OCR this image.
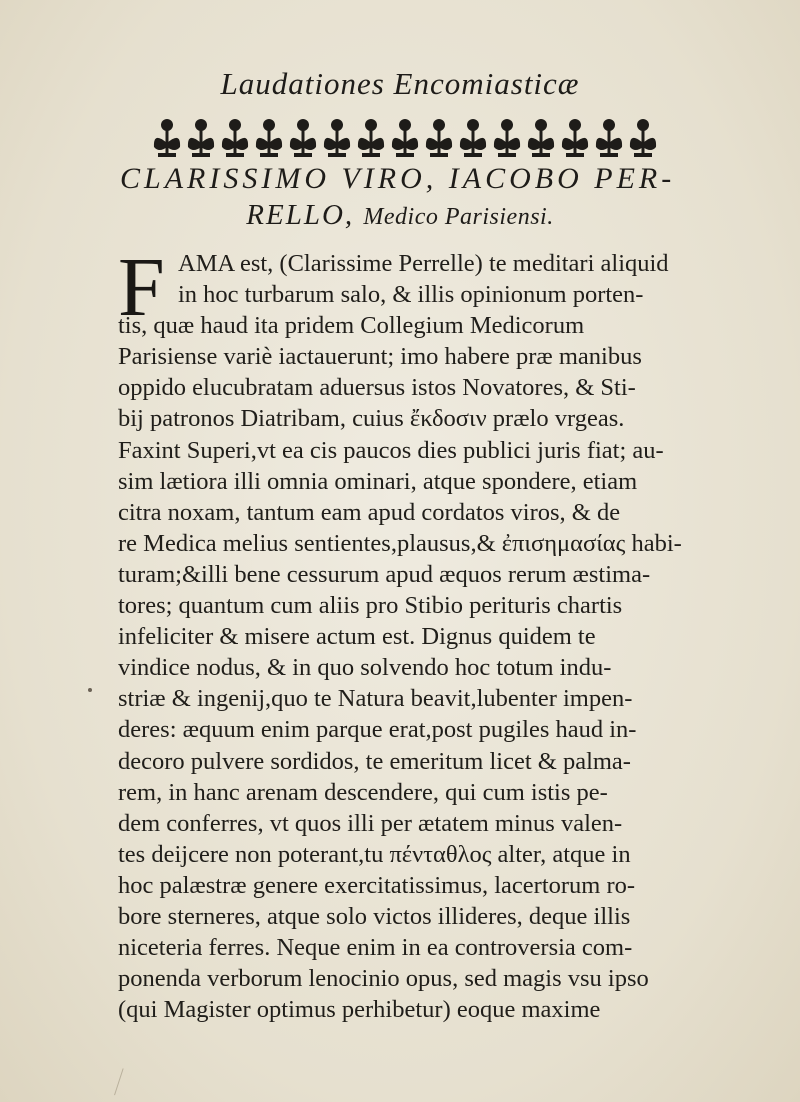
Laudationes Encomiasticæ
CLARISSIMO VIRO, IACOBO PER-
RELLO, Medico Parisiensi.
F AMA est, (Clarissime Perrelle) te meditari aliquid
in hoc turbarum salo, & illis opinionum porten-
tis, quæ haud ita pridem Collegium Medicorum
Parisiense variè iactauerunt; imo habere præ manibus
oppido elucubratam aduersus istos Novatores, & Sti-
bij patronos Diatribam, cuius ἔκδοσιν prælo vrgeas.
Faxint Superi,vt ea cis paucos dies publici juris fiat; au-
sim lætiora illi omnia ominari, atque spondere, etiam
citra noxam, tantum eam apud cordatos viros, & de
re Medica melius sentientes,plausus,& ἐπισημασίας habi-
turam;&illi bene cessurum apud æquos rerum æstima-
tores; quantum cum aliis pro Stibio perituris chartis
infeliciter & misere actum est. Dignus quidem te
vindice nodus, & in quo solvendo hoc totum indu-
striæ & ingenij,quo te Natura beavit,lubenter impen-
deres: æquum enim parque erat,post pugiles haud in-
decoro pulvere sordidos, te emeritum licet & palma-
rem, in hanc arenam descendere, qui cum istis pe-
dem conferres, vt quos illi per ætatem minus valen-
tes deijcere non poterant,tu πένταθλος alter, atque in
hoc palæstræ genere exercitatissimus, lacertorum ro-
bore sterneres, atque solo victos illideres, deque illis
niceteria ferres. Neque enim in ea controversia com-
ponenda verborum lenocinio opus, sed magis vsu ipso
(qui Magister optimus perhibetur) eoque maxime
